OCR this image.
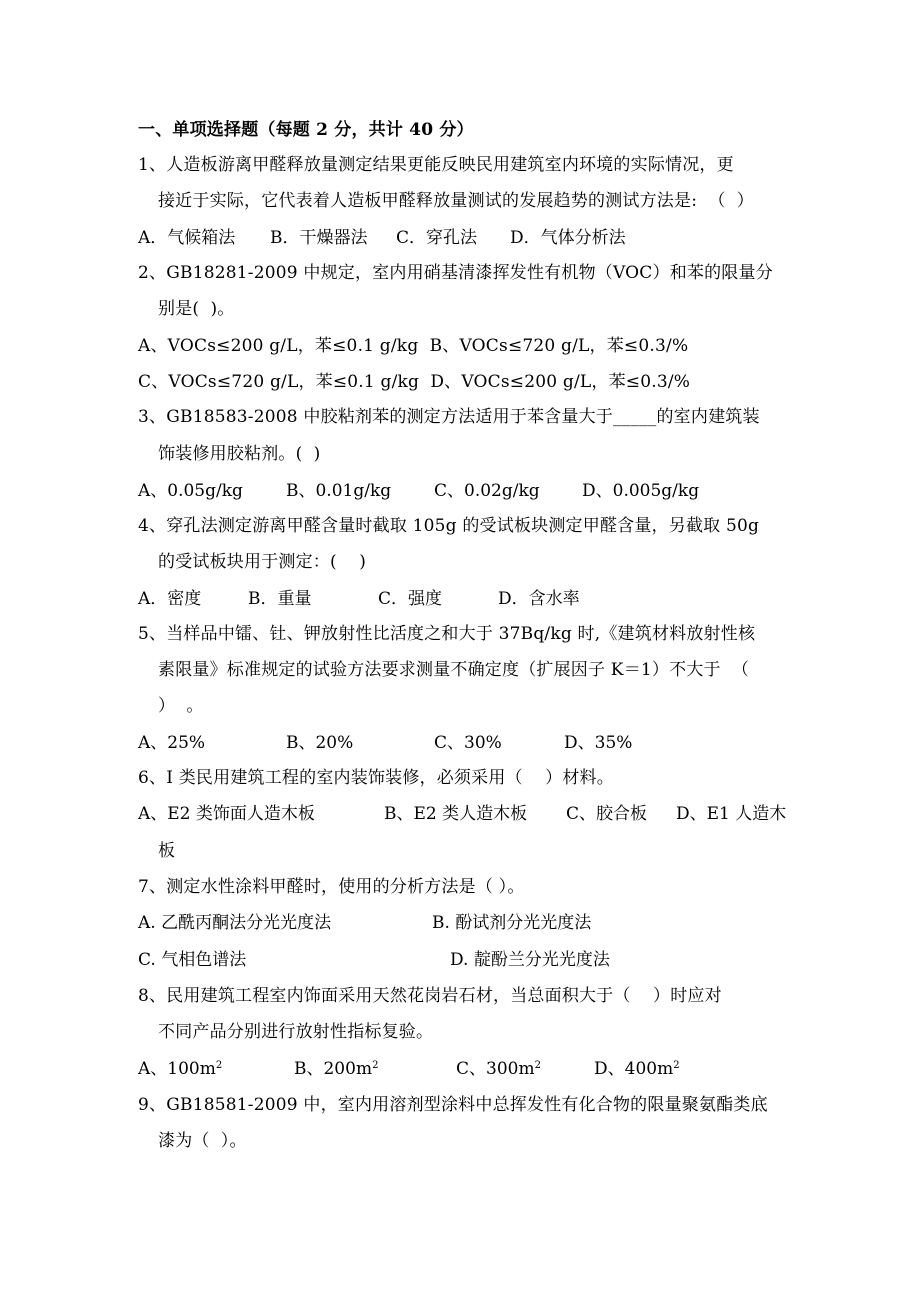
一、单项选择题（每题 2 分，共计 40 分）
1、人造板游离甲醛释放量测定结果更能反映民用建筑室内环境的实际情况，更
接近于实际，它代表着人造板甲醛释放量测试的发展趋势的测试方法是:  （  ）

A．气候箱法

B．干燥器法

C．穿孔法

D．气体分析法

2、GB18281-2009 中规定，室内用硝基清漆挥发性有机物（VOC）和苯的限量分
别是(  )。
A、VOCs≤200 g/L，苯≤0.1 g/kg  B、VOCs≤720 g/L，苯≤0.3/%
C、VOCs≤720 g/L，苯≤0.1 g/kg  D、VOCs≤200 g/L，苯≤0.3/%
3、GB18583-2008 中胶粘剂苯的测定方法适用于苯含量大于_____的室内建筑装
饰装修用胶粘剂。(  )

A、0.05g/kg

	B、0.01g/kg

	C、0.02g/kg

D、0.005g/kg

4、穿孔法测定游离甲醛含量时截取 105g 的受试板块测定甲醛含量，另截取 50g
的受试板块用于测定：(    )

A．密度

	B．重量

	C．强度

	D．含水率

5、当样品中镭、钍、钾放射性比活度之和大于 37Bq/kg 时,《建筑材料放射性核
素限量》标准规定的试验方法要求测量不确定度（扩展因子 K＝1）不大于  （
）  。

A、25%

	B、20%

	C、30%

	D、35%

6、I 类民用建筑工程的室内装饰装修，必须采用（    ）材料。

A、E2 类饰面人造木板

	B、E2 类人造木板

C、胶合板

D、E1 人造木

板
7、测定水性涂料甲醛时，使用的分析方法是（ ）。

A. 乙酰丙酮法分光光度法

	B. 酚试剂分光光度法

C. 气相色谱法

	D. 靛酚兰分光光度法

8、民用建筑工程室内饰面采用天然花岗岩石材，当总面积大于（    ）时应对
不同产品分别进行放射性指标复验。

A、$100m^2$

	B、$200m^2$

	C、$300m^2$

	D、$400m^2$

9、GB18581-2009 中，室内用溶剂型涂料中总挥发性有化合物的限量聚氨酯类底
漆为（  ）。
